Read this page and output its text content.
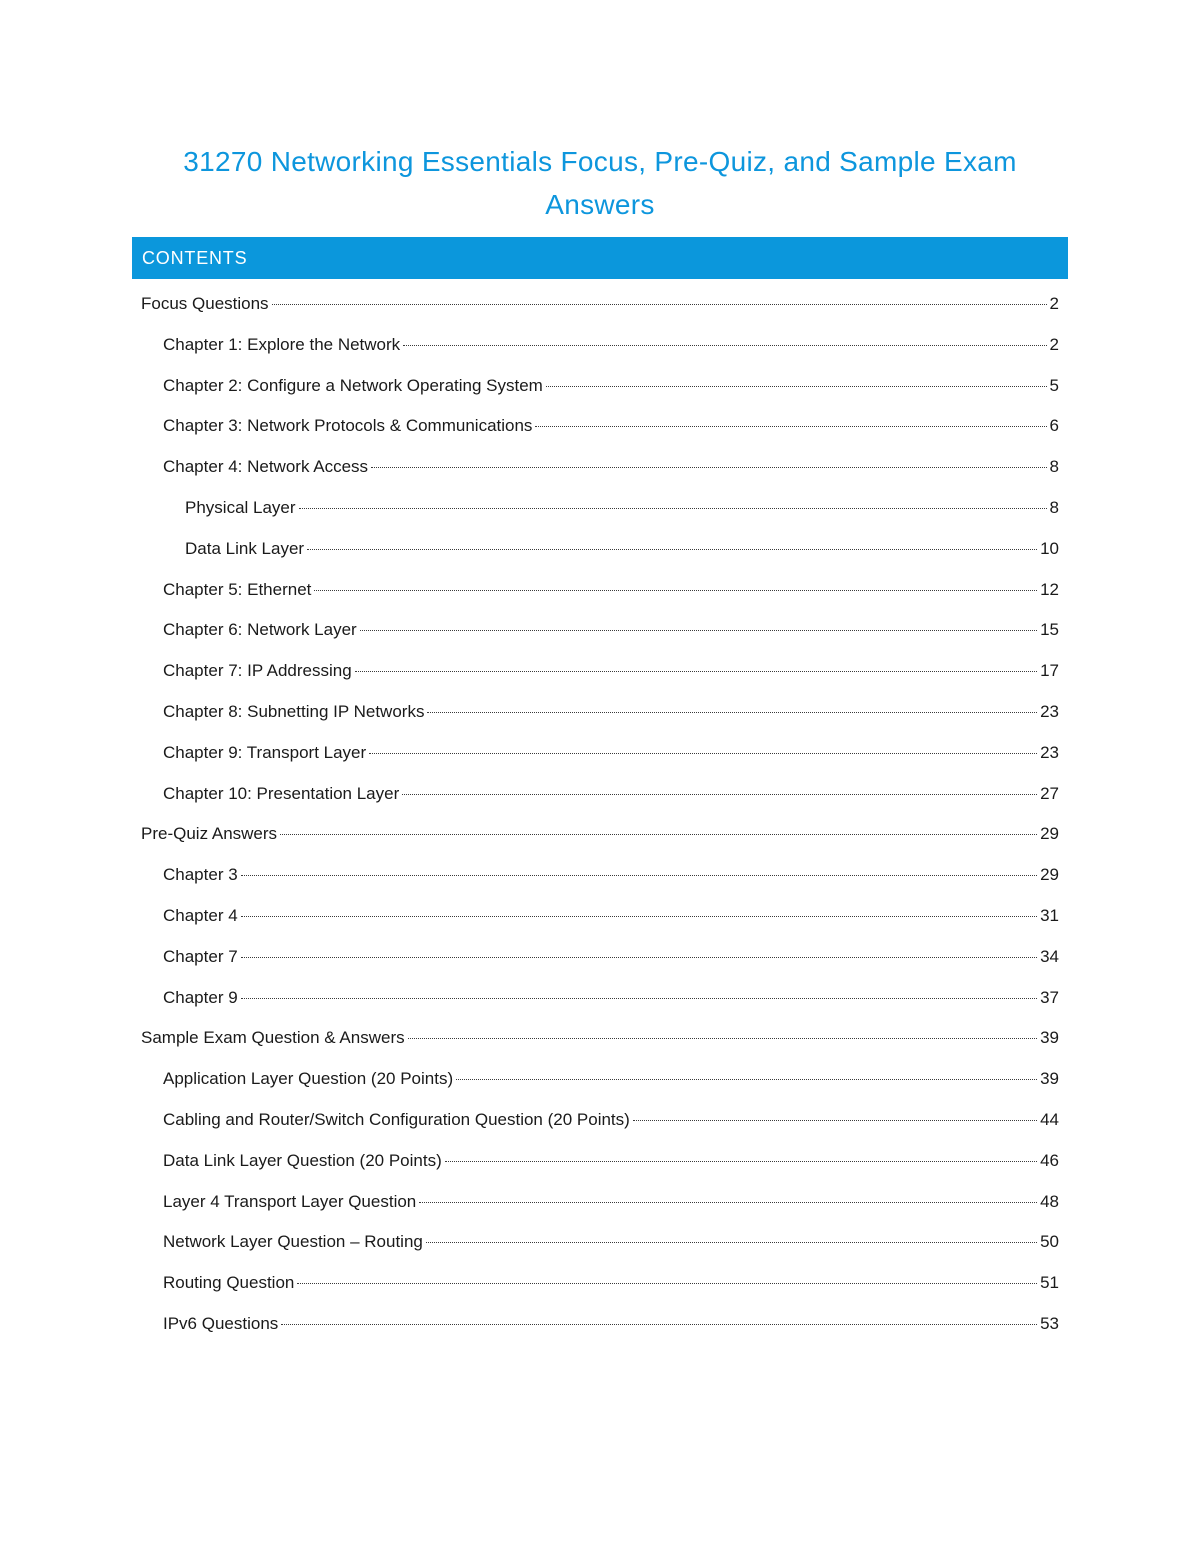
31270 Networking Essentials Focus, Pre-Quiz, and Sample Exam Answers
CONTENTS
Focus Questions	2
Chapter 1: Explore the Network	2
Chapter 2: Configure a Network Operating System	5
Chapter 3: Network Protocols & Communications	6
Chapter 4: Network Access	8
Physical Layer	8
Data Link Layer	10
Chapter 5: Ethernet	12
Chapter 6: Network Layer	15
Chapter 7: IP Addressing	17
Chapter 8: Subnetting IP Networks	23
Chapter 9: Transport Layer	23
Chapter 10: Presentation Layer	27
Pre-Quiz Answers	29
Chapter 3	29
Chapter 4	31
Chapter 7	34
Chapter 9	37
Sample Exam Question & Answers	39
Application Layer Question (20 Points)	39
Cabling and Router/Switch Configuration Question (20 Points)	44
Data Link Layer Question (20 Points)	46
Layer 4 Transport Layer Question	48
Network Layer Question – Routing	50
Routing Question	51
IPv6 Questions	53
